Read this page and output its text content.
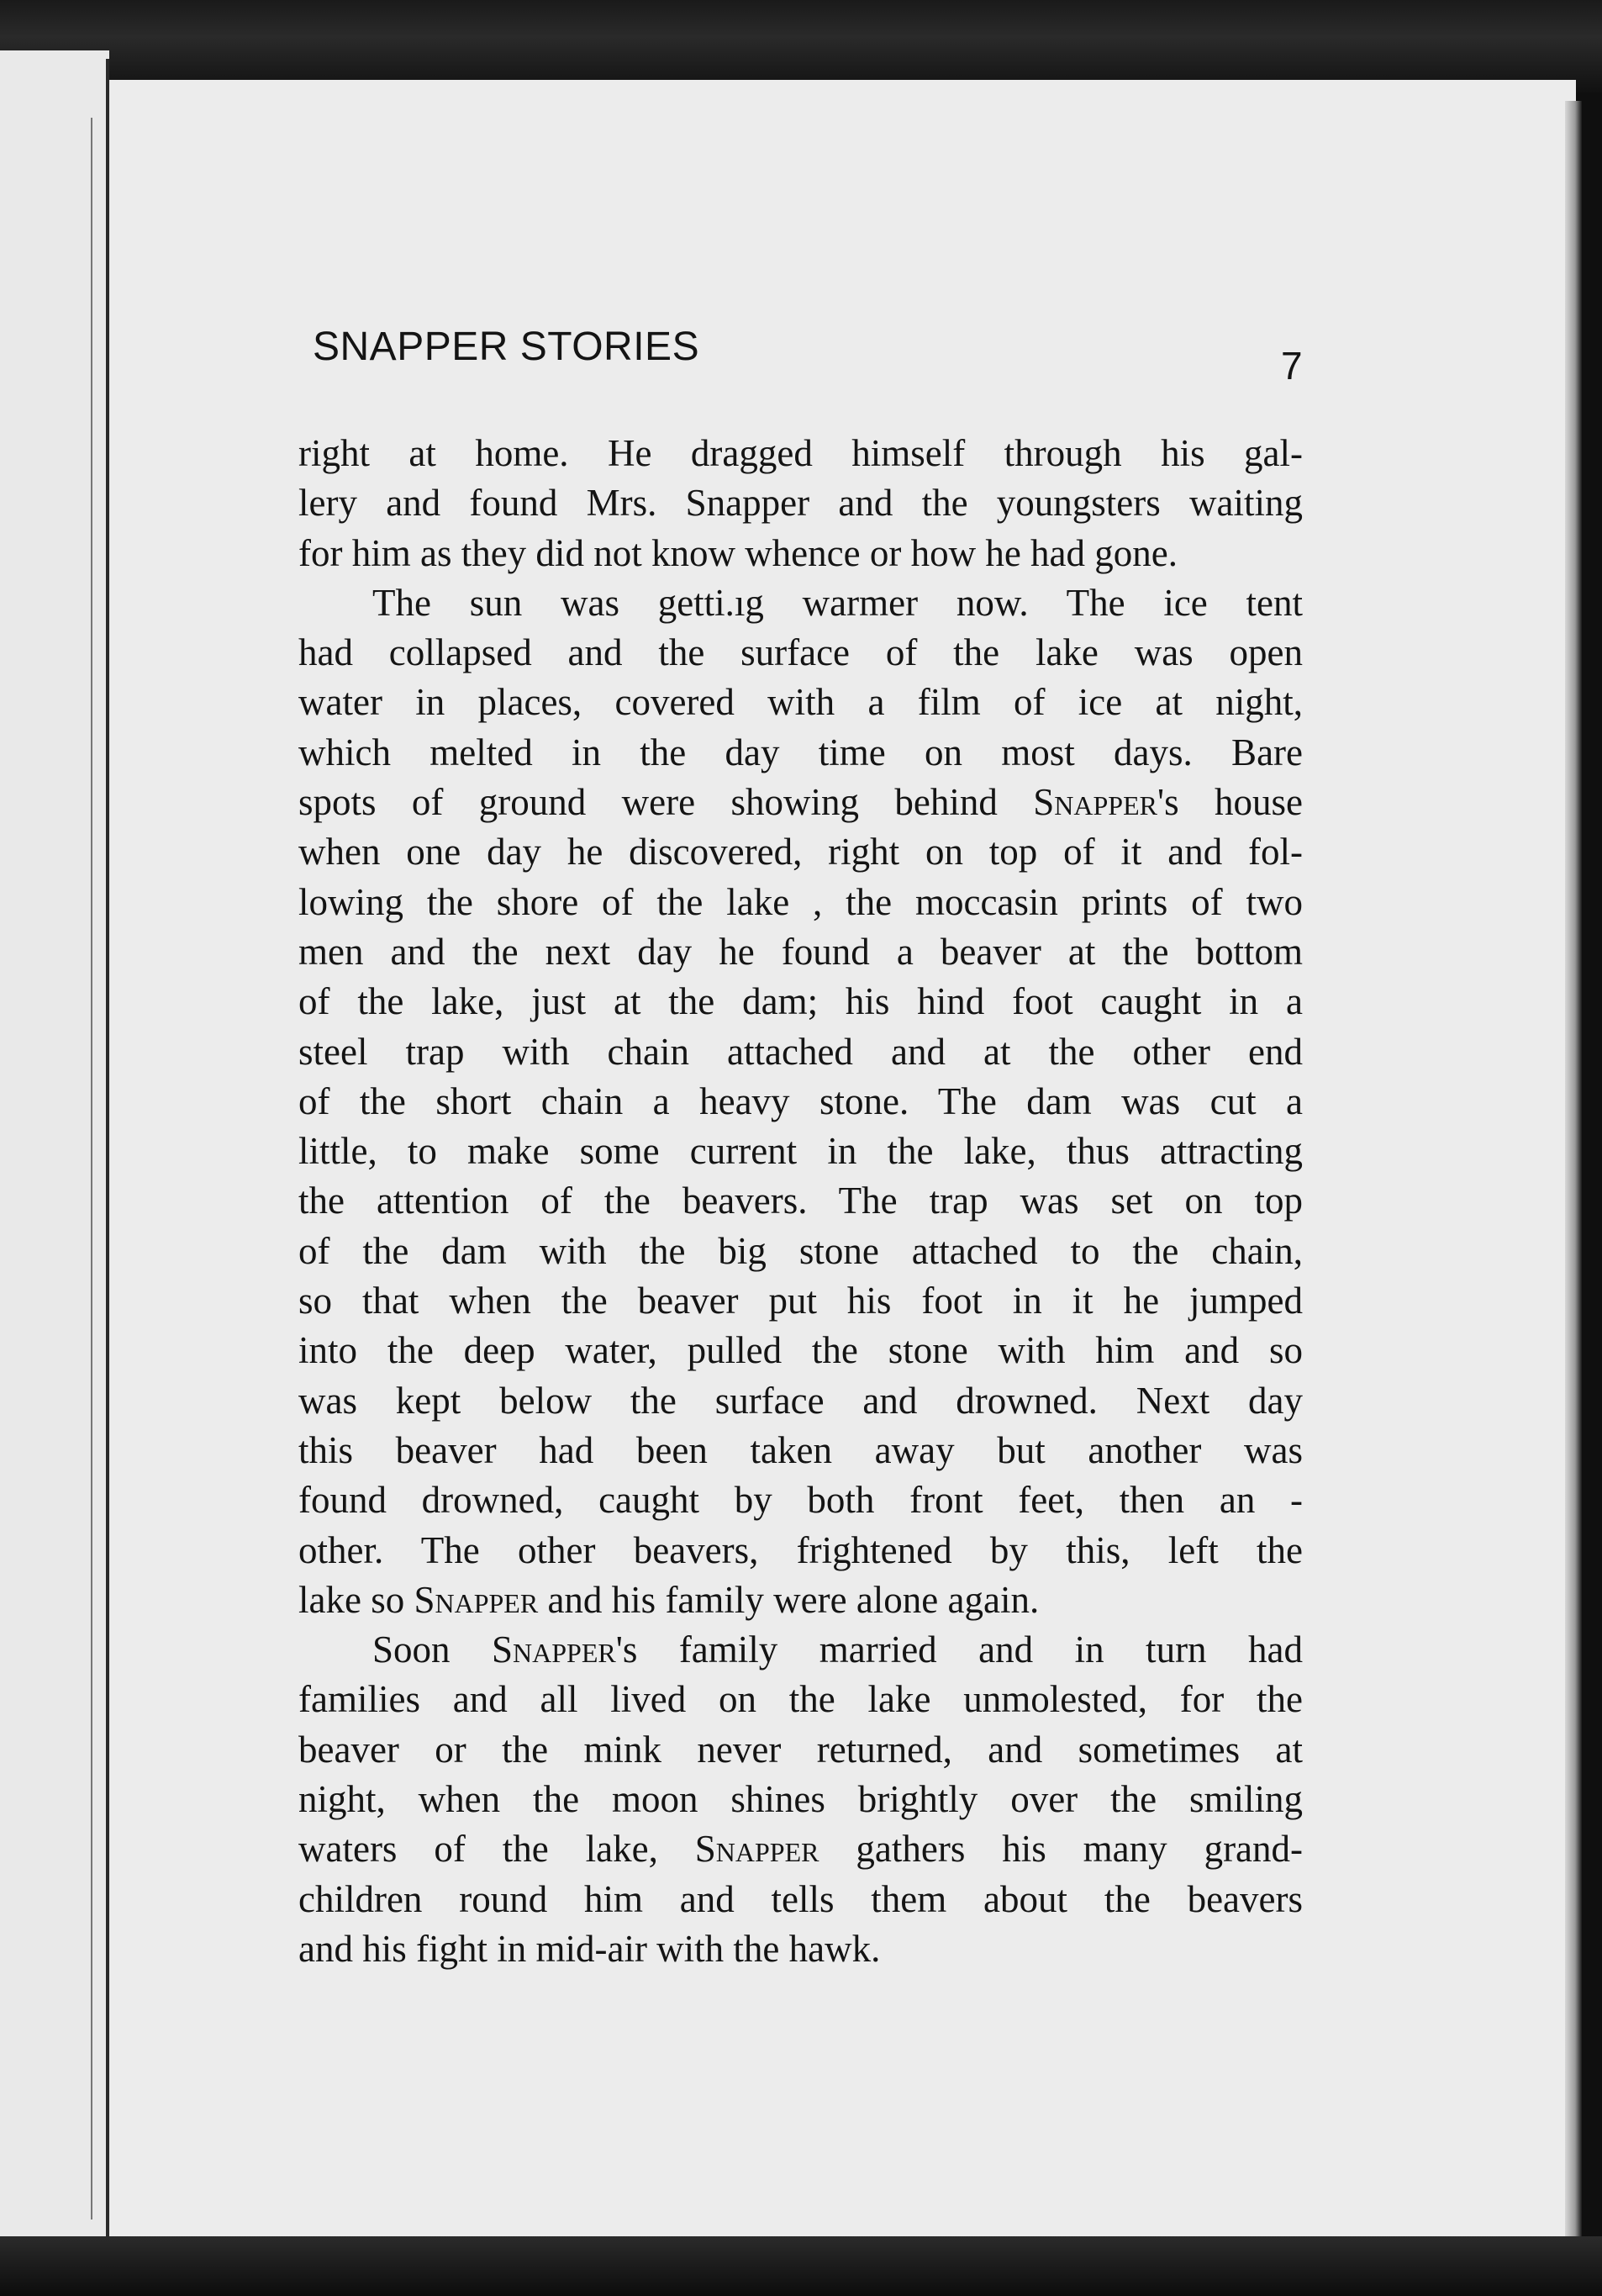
SNAPPER STORIES	7
right at home. He dragged himself through his gal-
lery and found Mrs. Snapper and the youngsters waiting
for him as they did not know whence or how he had gone.
The sun was getti.ıg warmer now. The ice tent
had collapsed and the surface of the lake was open
water in places, covered with a film of ice at night,
which melted in the day time on most days. Bare
spots of ground were showing behind Snapper's house
when one day he discovered, right on top of it and fol-
lowing the shore of the lake , the moccasin prints of two
men and the next day he found a beaver at the bottom
of the lake, just at the dam; his hind foot caught in a
steel trap with chain attached and at the other end
of the short chain a heavy stone. The dam was cut a
little, to make some current in the lake, thus attracting
the attention of the beavers. The trap was set on top
of the dam with the big stone attached to the chain,
so that when the beaver put his foot in it he jumped
into the deep water, pulled the stone with him and so
was kept below the surface and drowned. Next day
this beaver had been taken away but another was
found drowned, caught by both front feet, then an -
other. The other beavers, frightened by this, left the
lake so Snapper and his family were alone again.
Soon Snapper's family married and in turn had
families and all lived on the lake unmolested, for the
beaver or the mink never returned, and sometimes at
night, when the moon shines brightly over the smiling
waters of the lake, Snapper gathers his many grand-
children round him and tells them about the beavers
and his fight in mid-air with the hawk.
